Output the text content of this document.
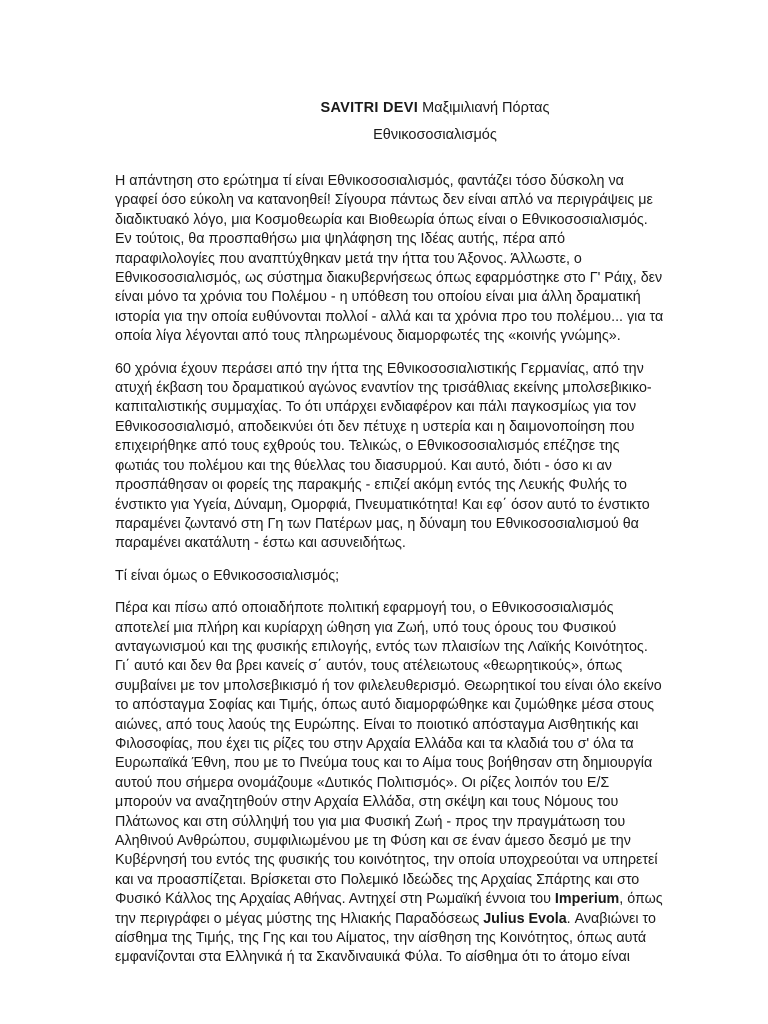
SAVITRI DEVI Μαξιμιλιανή Πόρτας
Εθνικοσοσιαλισμός

Η απάντηση στο ερώτημα τί είναι Εθνικοσοσιαλισμός, φαντάζει τόσο δύσκολη να γραφεί όσο εύκολη να κατανοηθεί! Σίγουρα πάντως δεν είναι απλό να περιγράψεις με διαδικτυακό λόγο, μια Κοσμοθεωρία και Βιοθεωρία όπως είναι ο Εθνικοσοσιαλισμός. Εν τούτοις, θα προσπαθήσω μια ψηλάφηση της Ιδέας αυτής, πέρα από παραφιλολογίες που αναπτύχθηκαν μετά την ήττα του Άξονος. Άλλωστε, ο Εθνικοσοσιαλισμός, ως σύστημα διακυβερνήσεως όπως εφαρμόστηκε στο Γ' Ράιχ, δεν είναι μόνο τα χρόνια του Πολέμου - η υπόθεση του οποίου είναι μια άλλη δραματική ιστορία για την οποία ευθύνονται πολλοί - αλλά και τα χρόνια προ του πολέμου... για τα οποία λίγα λέγονται από τους πληρωμένους διαμορφωτές της «κοινής γνώμης».

60 χρόνια έχουν περάσει από την ήττα της Εθνικοσοσιαλιστικής Γερμανίας, από την ατυχή έκβαση του δραματικού αγώνος εναντίον της τρισάθλιας εκείνης μπολσεβικικο-καπιταλιστικής συμμαχίας. Το ότι υπάρχει ενδιαφέρον και πάλι παγκοσμίως για τον Εθνικοσοσιαλισμό, αποδεικνύει ότι δεν πέτυχε η υστερία και η δαιμονοποίηση που επιχειρήθηκε από τους εχθρούς του. Τελικώς, ο Εθνικοσοσιαλισμός επέζησε της φωτιάς του πολέμου και της θύελλας του διασυρμού. Και αυτό, διότι - όσο κι αν προσπάθησαν οι φορείς της παρακμής - επιζεί ακόμη εντός της Λευκής Φυλής το ένστικτο για Υγεία, Δύναμη, Ομορφιά, Πνευματικότητα! Και εφ΄ όσον αυτό το ένστικτο παραμένει ζωντανό στη Γη των Πατέρων μας, η δύναμη του Εθνικοσοσιαλισμού θα παραμένει ακατάλυτη - έστω και ασυνειδήτως.

Τί είναι όμως ο Εθνικοσοσιαλισμός;

Πέρα και πίσω από οποιαδήποτε πολιτική εφαρμογή του, ο Εθνικοσοσιαλισμός αποτελεί μια πλήρη και κυρίαρχη ώθηση για Ζωή, υπό τους όρους του Φυσικού ανταγωνισμού και της φυσικής επιλογής, εντός των πλαισίων της Λαϊκής Κοινότητος. Γι΄ αυτό και δεν θα βρει κανείς σ΄ αυτόν, τους ατέλειωτους «θεωρητικούς», όπως συμβαίνει με τον μπολσεβικισμό ή τον φιλελευθερισμό. Θεωρητικοί του είναι όλο εκείνο το απόσταγμα Σοφίας και Τιμής, όπως αυτό διαμορφώθηκε και ζυμώθηκε μέσα στους αιώνες, από τους λαούς της Ευρώπης. Είναι το ποιοτικό απόσταγμα Αισθητικής και Φιλοσοφίας, που έχει τις ρίζες του στην Αρχαία Ελλάδα και τα κλαδιά του σ' όλα τα Ευρωπαϊκά Έθνη, που με το Πνεύμα τους και το Αίμα τους βοήθησαν στη δημιουργία αυτού που σήμερα ονομάζουμε «Δυτικός Πολιτισμός». Οι ρίζες λοιπόν του Ε/Σ μπορούν να αναζητηθούν στην Αρχαία Ελλάδα, στη σκέψη και τους Νόμους του Πλάτωνος και στη σύλληψή του για μια Φυσική Ζωή - προς την πραγμάτωση του Αληθινού Ανθρώπου, συμφιλιωμένου με τη Φύση και σε έναν άμεσο δεσμό με την Κυβέρνησή του εντός της φυσικής του κοινότητος, την οποία υποχρεούται να υπηρετεί και να προασπίζεται. Βρίσκεται στο Πολεμικό Ιδεώδες της Αρχαίας Σπάρτης και στο Φυσικό Κάλλος της Αρχαίας Αθήνας. Αντηχεί στη Ρωμαϊκή έννοια του Imperium, όπως την περιγράφει ο μέγας μύστης της Ηλιακής Παραδόσεως Julius Evola. Αναβιώνει το αίσθημα της Τιμής, της Γης και του Αίματος, την αίσθηση της Κοινότητος, όπως αυτά εμφανίζονται στα Ελληνικά ή τα Σκανδιναυικά Φύλα. Το αίσθημα ότι το άτομο είναι
